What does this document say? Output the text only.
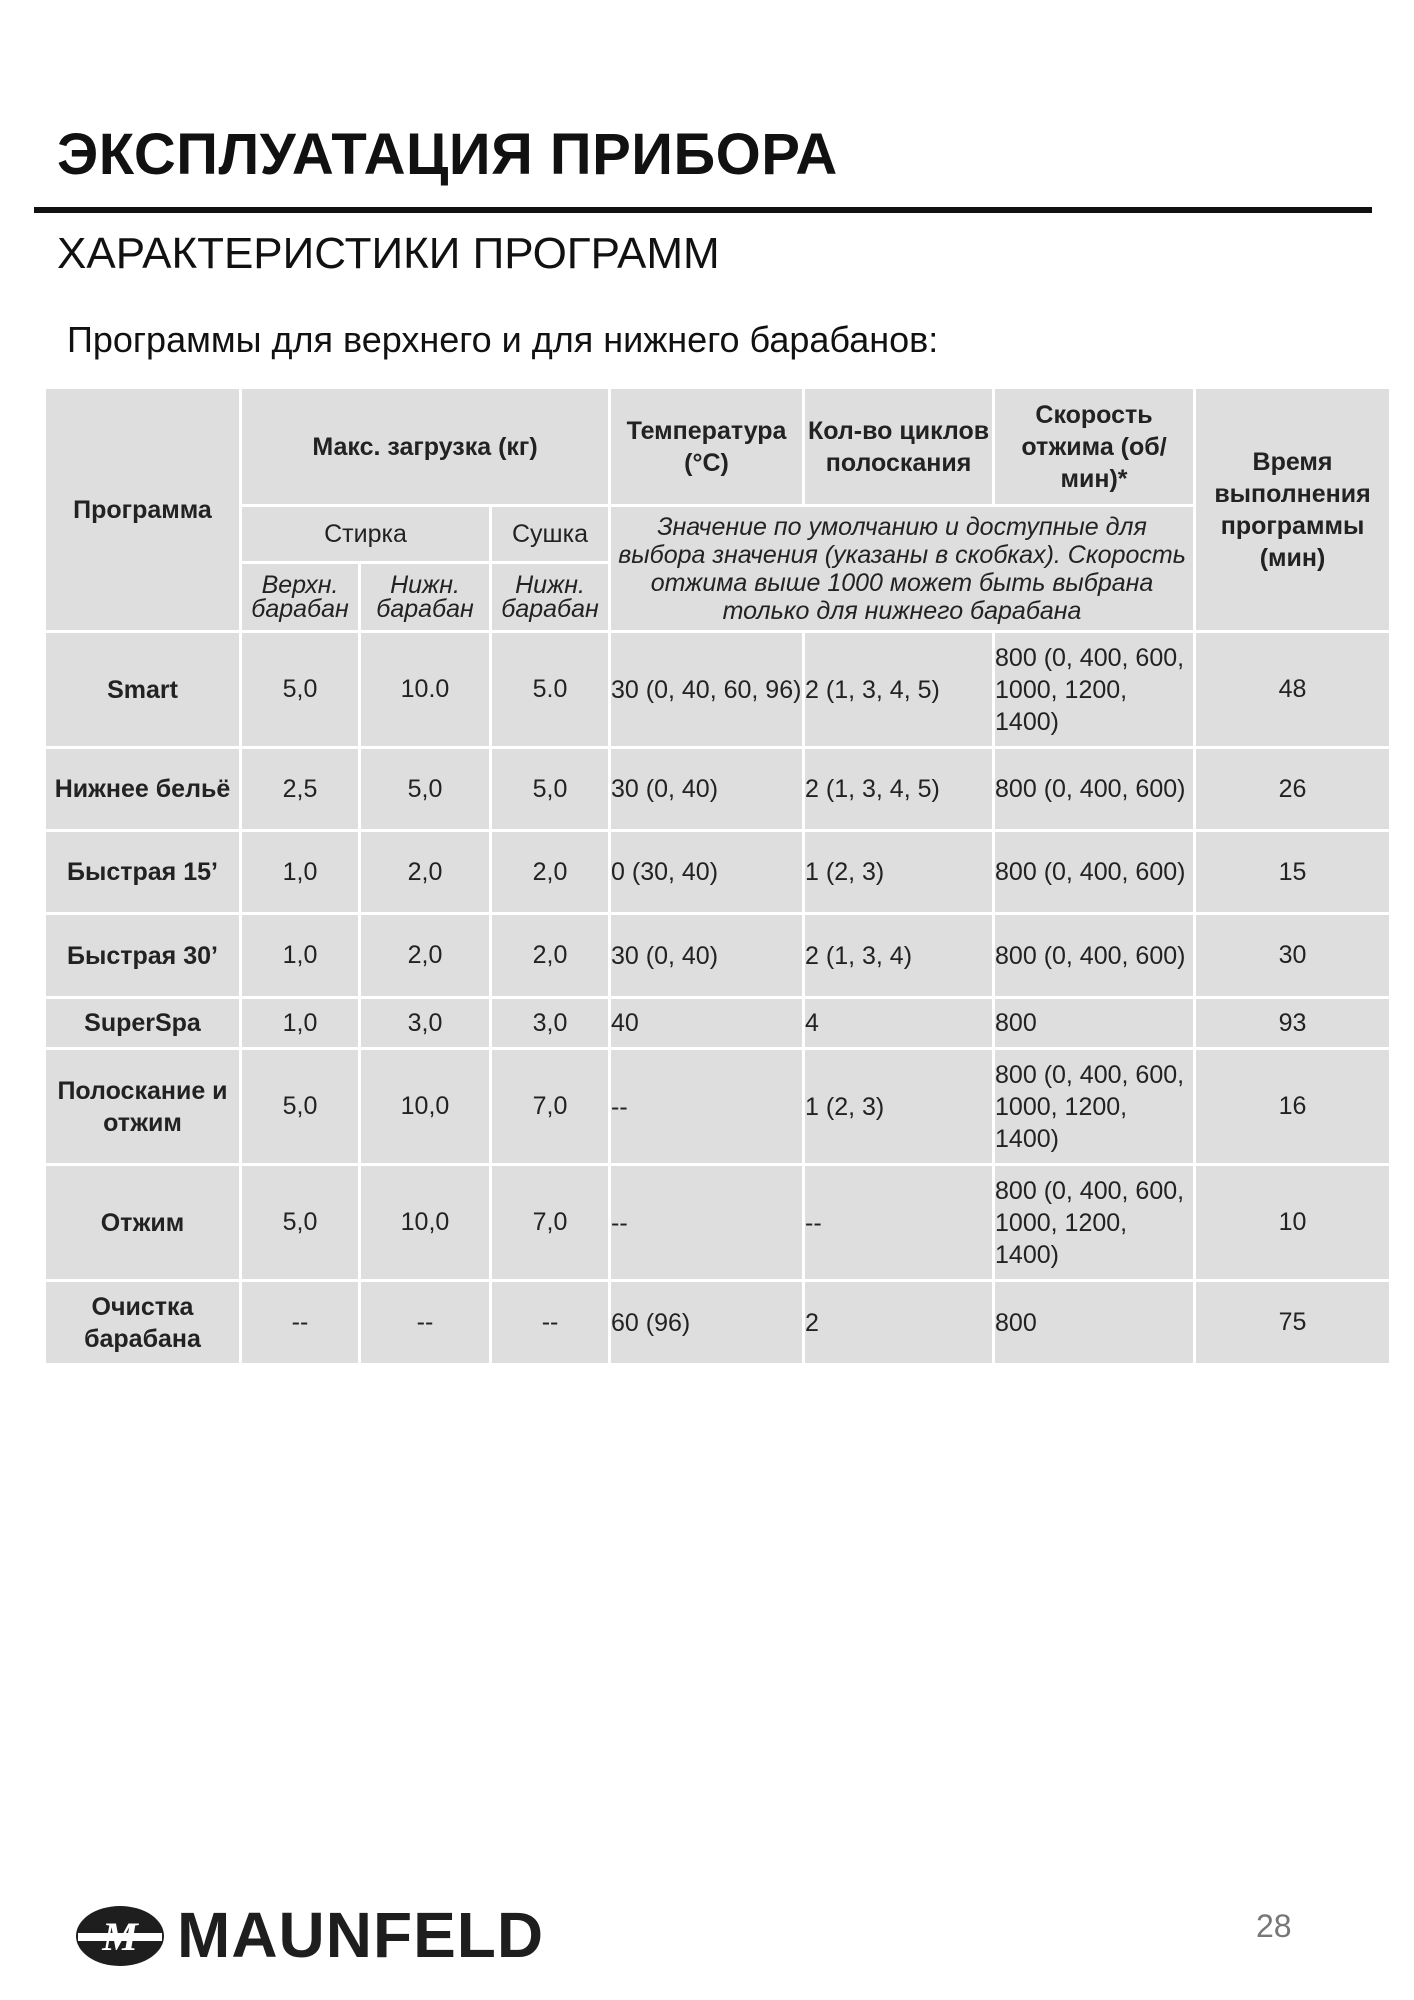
ЭКСПЛУАТАЦИЯ ПРИБОРА
ХАРАКТЕРИСТИКИ ПРОГРАММ

Программы для верхнего и для нижнего барабанов:

Программа	Макс. загрузка (кг)			Температура (°C)	Кол-во циклов полоскания	Скорость отжима (об/мин)*	Время выполнения программы (мин)
	Стирка		Сушка	Значение по умолчанию и доступные для выбора значения (указаны в скобках). Скорость отжима выше 1000 может быть выбрана только для нижнего барабана			
	Верхн. барабан	Нижн. барабан	Нижн. барабан				
Smart	5,0	10.0	5.0	30 (0, 40, 60, 96)	2 (1, 3, 4, 5)	800 (0, 400, 600, 1000, 1200, 1400)	48
Нижнее бельё	2,5	5,0	5,0	30 (0, 40)	2 (1, 3, 4, 5)	800 (0, 400, 600)	26
Быстрая 15’	1,0	2,0	2,0	0 (30, 40)	1 (2, 3)	800 (0, 400, 600)	15
Быстрая 30’	1,0	2,0	2,0	30 (0, 40)	2 (1, 3, 4)	800 (0, 400, 600)	30
SuperSpa	1,0	3,0	3,0	40	4	800	93
Полоскание и отжим	5,0	10,0	7,0	--	1 (2, 3)	800 (0, 400, 600, 1000, 1200, 1400)	16
Отжим	5,0	10,0	7,0	--	--	800 (0, 400, 600, 1000, 1200, 1400)	10
Очистка барабана	--	--	--	60 (96)	2	800	75
M MAUNFELD	28
